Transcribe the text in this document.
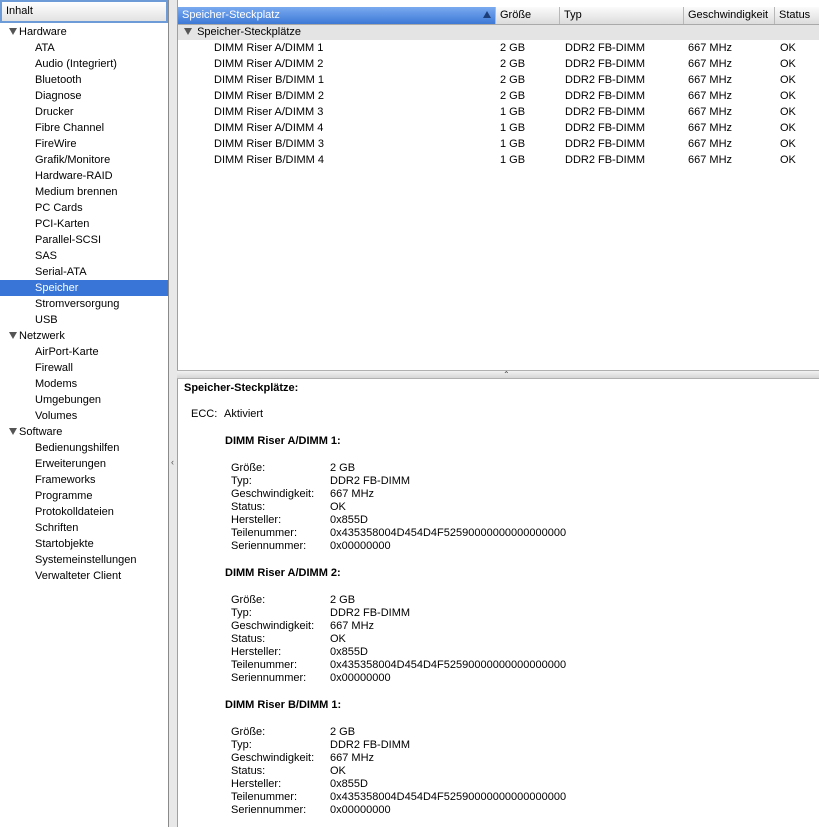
Inhalt
Hardware
ATA
Audio (Integriert)
Bluetooth
Diagnose
Drucker
Fibre Channel
FireWire
Grafik/Monitore
Hardware-RAID
Medium brennen
PC Cards
PCI-Karten
Parallel-SCSI
SAS
Serial-ATA
Speicher
Stromversorgung
USB
Netzwerk
AirPort-Karte
Firewall
Modems
Umgebungen
Volumes
Software
Bedienungshilfen
Erweiterungen
Frameworks
Programme
Protokolldateien
Schriften
Startobjekte
Systemeinstellungen
Verwalteter Client
‹
Speicher-Steckplatz	Größe	Typ	Geschwindigkeit Status
Speicher-Steckplätze
DIMM Riser A/DIMM 1	2 GB	DDR2 FB-DIMM	667 MHz	OK
DIMM Riser A/DIMM 2	2 GB	DDR2 FB-DIMM	667 MHz	OK
DIMM Riser B/DIMM 1	2 GB	DDR2 FB-DIMM	667 MHz	OK
DIMM Riser B/DIMM 2	2 GB	DDR2 FB-DIMM	667 MHz	OK
DIMM Riser A/DIMM 3	1 GB	DDR2 FB-DIMM	667 MHz	OK
DIMM Riser A/DIMM 4	1 GB	DDR2 FB-DIMM	667 MHz	OK
DIMM Riser B/DIMM 3	1 GB	DDR2 FB-DIMM	667 MHz	OK
DIMM Riser B/DIMM 4	1 GB	DDR2 FB-DIMM	667 MHz	OK
⌃
Speicher-Steckplätze:
ECC: Aktiviert
DIMM Riser A/DIMM 1:
Größe:	2 GB
Typ:	DDR2 FB-DIMM
Geschwindigkeit: 667 MHz
Status:	OK
Hersteller:	0x855D
Teilenummer:	0x435358004D454D4F52590000000000000000
Seriennummer: 0x00000000
DIMM Riser A/DIMM 2:
Größe:	2 GB
Typ:	DDR2 FB-DIMM
Geschwindigkeit: 667 MHz
Status:	OK
Hersteller:	0x855D
Teilenummer:	0x435358004D454D4F52590000000000000000
Seriennummer: 0x00000000
DIMM Riser B/DIMM 1:
Größe:	2 GB
Typ:	DDR2 FB-DIMM
Geschwindigkeit: 667 MHz
Status:	OK
Hersteller:	0x855D
Teilenummer:	0x435358004D454D4F52590000000000000000
Seriennummer: 0x00000000
